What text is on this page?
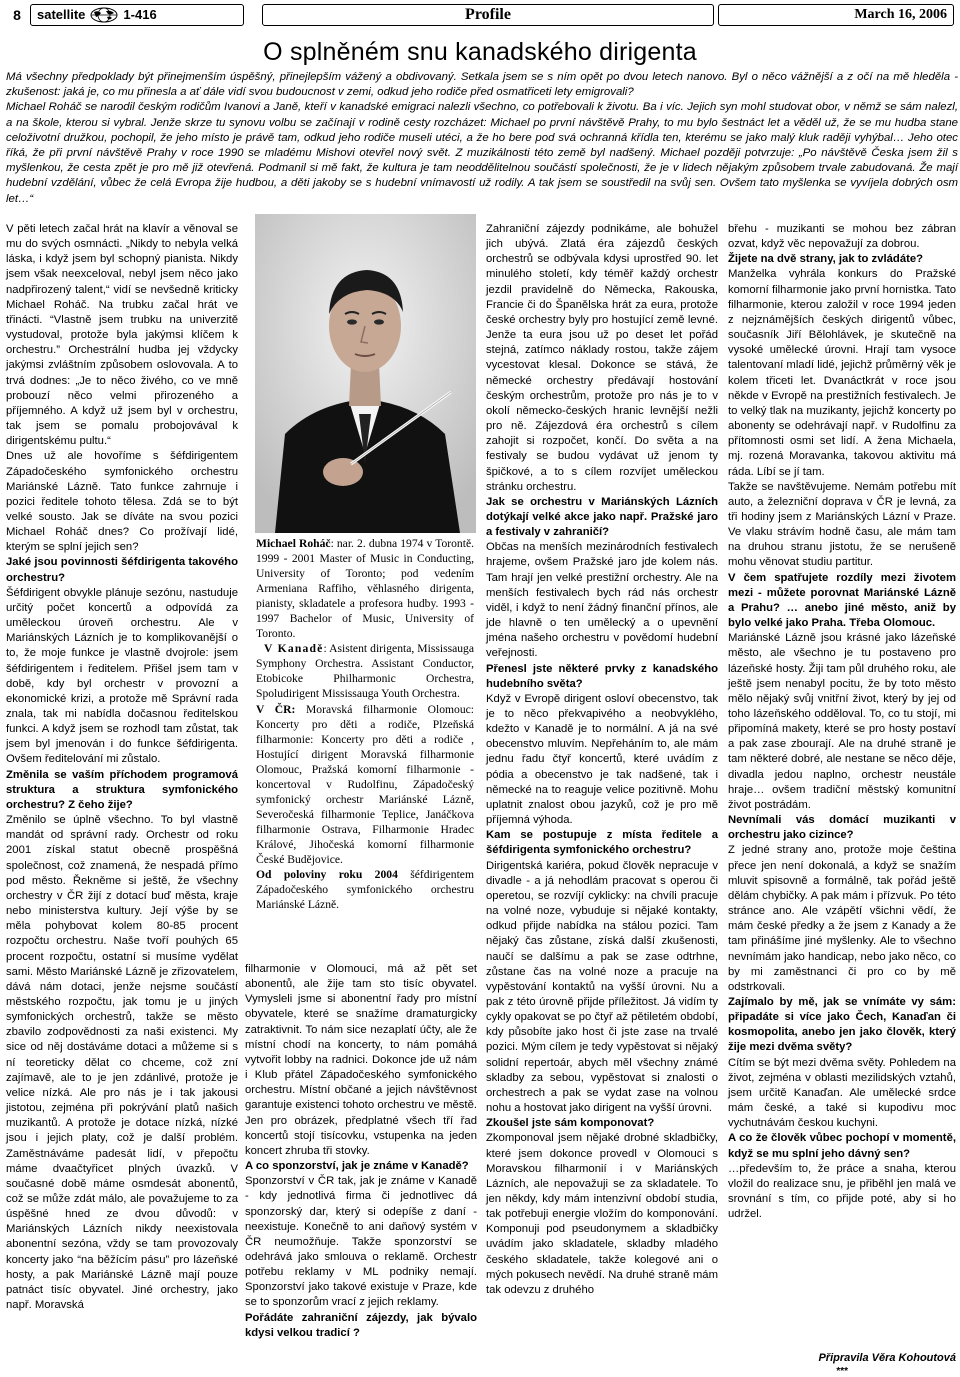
8	satellite	1-416	Profile	March 16, 2006
O splněném snu kanadského dirigenta

Má všechny předpoklady být přinejmenším úspěšný, přinejlepším vážený a obdivovaný. Setkala jsem se s ním opět po dvou letech nanovo. Byl o něco vážnější a z očí na mě hleděla - zkušenost: jaká je, co mu přinesla a ať dále vidí svou budoucnost v zemi, odkud jeho rodiče před osmatřiceti lety emigrovali?

Michael Roháč se narodil českým rodičům Ivanovi a Janě, kteří v kanadské emigraci nalezli všechno, co potřebovali k životu. Ba i víc. Jejich syn mohl studovat obor, v němž se sám nalezl, a na škole, kterou si vybral. Jenže skrze tu synovu volbu se začínají v rodině cesty rozcházet: Michael po první návštěvě Prahy, to mu bylo šestnáct let a věděl už, že se mu hudba stane celoživotní družkou, pochopil, že jeho místo je právě tam, odkud jeho rodiče museli utéci, a že ho bere pod svá ochranná křídla ten, kterému se jako malý kluk raději vyhýbal… Jeho otec říká, že při první návštěvě Prahy v roce 1990 se mladému Mishovi otevřel nový svět. Z muzikálnosti této země byl nadšený. Michael později potvrzuje: „Po návštěvě Česka jsem žil s myšlenkou, že cesta zpět je pro mě již otevřená. Podmanil si mě fakt, že kultura je tam neoddělitelnou součástí společnosti, že je v lidech nějakým způsobem trvale zabudovaná. Že mají hudební vzdělání, vůbec že celá Evropa žije hudbou, a děti jakoby se s hudební vnímavostí už rodily. A tak jsem se soustředil na svůj sen. Ovšem tato myšlenka se vyvíjela dobrých osm let…“

V pěti letech začal hrát na klavír a věnoval se mu do svých osmnácti. „Nikdy to nebyla velká láska, i když jsem byl schopný pianista. Nikdy jsem však neexceloval, nebyl jsem něco jako nadpřirozený talent,“ vidí se nevšedně kriticky Michael Roháč. Na trubku začal hrát ve třinácti. “Vlastně jsem trubku na univerzitě vystudoval, protože byla jakýmsi klíčem k orchestru.” Orchestrální hudba jej vždycky jakýmsi zvláštním způsobem oslovovala. A to trvá dodnes: „Je to něco živého, co ve mně probouzí něco velmi přirozeného a příjemného. A když už jsem byl v orchestru, tak jsem se pomalu probojovával k dirigentskému pultu.“

Dnes už ale hovoříme s šéfdirigentem Západočeského symfonického orchestru Mariánské Lázně. Tato funkce zahrnuje i pozici ředitele tohoto tělesa. Zdá se to být velké sousto. Jak se díváte na svou pozici Michael Roháč dnes? Co prožívají lidé, kterým se splní jejich sen?

Jaké jsou povinnosti šéfdirigenta takového orchestru?

Šéfdirigent obvykle plánuje sezónu, nastuduje určitý počet koncertů a odpovídá za uměleckou úroveň orchestru. Ale v Mariánských Lázních je to komplikovanější o to, že moje funkce je vlastně dvojrole: jsem šéfdirigentem i ředitelem. Přišel jsem tam v době, kdy byl orchestr v provozní a ekonomické krizi, a protože mě Správní rada znala, tak mi nabídla dočasnou ředitelskou funkci. A když jsem se rozhodl tam zůstat, tak jsem byl jmenován i do funkce šéfdirigenta. Ovšem ředitelování mi zůstalo.

Změnila se vaším příchodem programová struktura a struktura symfonického orchestru? Z čeho žije?

Změnilo se úplně všechno. To byl vlastně mandát od správní rady. Orchestr od roku 2001 získal statut obecně prospěšná společnost, což znamená, že nespadá přímo pod město. Řekněme si ještě, že všechny orchestry v ČR žijí z dotací buď města, kraje nebo ministerstva kultury. Její výše by se měla pohybovat kolem 80-85 procent rozpočtu orchestru. Naše tvoří pouhých 65 procent rozpočtu, ostatní si musíme vydělat sami. Město Mariánské Lázně je zřizovatelem, dává nám dotaci, jenže nejsme součástí městského rozpočtu, jak tomu je u jiných symfonických orchestrů, takže se město zbavilo zodpovědnosti za naši existenci. My sice od něj dostáváme dotaci a můžeme si s ní teoreticky dělat co chceme, což zní zajímavě, ale to je jen zdánlivé, protože je velice nízká. Ale pro nás je i tak jakousi jistotou, zejména při pokrývání platů našich muzikantů. A protože je dotace nízká, nízké jsou i jejich platy, což je další problém. Zaměstnáváme padesát lidí, v přepočtu máme dvaačtyřicet plných úvazků. V současné době máme osmdesát abonentů, což se může zdát málo, ale považujeme to za úspěšné hned ze dvou důvodů: v Mariánských Lázních nikdy neexistovala abonentní sezóna, vždy se tam provozovaly koncerty jako “na běžícím pásu” pro lázeňské hosty, a pak Mariánské Lázně mají pouze patnáct tisíc obyvatel. Jiné orchestry, jako např. Moravská

Michael Roháč: nar. 2. dubna 1974 v Torontě. 1999 - 2001 Master of Music in Conducting, University of Toronto; pod vedením Armeniana Raffiho, věhlasného dirigenta, pianisty, skladatele a profesora hudby. 1993 - 1997 Bachelor of Music, University of Toronto.

V Kanadě: Asistent dirigenta, Mississauga Symphony Orchestra. Assistant Conductor, Etobicoke Philharmonic Orchestra, Spoludirigent Mississauga Youth Orchestra.

V ČR: Moravská filharmonie Olomouc: Koncerty pro děti a rodiče, Plzeňská filharmonie: Koncerty pro děti a rodiče , Hostující dirigent Moravská filharmonie Olomouc, Pražská komorní filharmonie - koncertoval v Rudolfinu, Západočeský symfonický orchestr Mariánské Lázně, Severočeská filharmonie Teplice, Janáčkova filharmonie Ostrava, Filharmonie Hradec Králové, Jihočeská komorní filharmonie České Budějovice.

Od poloviny roku 2004 šéfdirigentem Západočeského symfonického orchestru Mariánské Lázně.

filharmonie v Olomouci, má až pět set abonentů, ale žije tam sto tisíc obyvatel. Vymysleli jsme si abonentní řady pro místní obyvatele, které se snažíme dramaturgicky zatraktivnit. To nám sice nezaplatí účty, ale že místní chodí na koncerty, to nám pomáhá vytvořit lobby na radnici. Dokonce jde už nám i Klub přátel Západočeského symfonického orchestru. Místní občané a jejich návštěvnost garantuje existenci tohoto orchestru ve městě. Jen pro obrázek, předplatné všech tří řad koncertů stojí tisícovku, vstupenka na jeden koncert zhruba tři stovky.

A co sponzorství, jak je známe v Kanadě?

Sponzorství v ČR tak, jak je známe v Kanadě - kdy jednotlivá firma či jednotlivec dá sponzorský dar, který si odepíše z daní - neexistuje. Konečně to ani daňový systém v ČR neumožňuje. Takže sponzorství se odehrává jako smlouva o reklamě. Orchestr potřebu reklamy v ML podniky nemají. Sponzorství jako takové existuje v Praze, kde se to sponzorům vrací z jejich reklamy.

Pořádáte zahraniční zájezdy, jak bývalo kdysi velkou tradicí ?

Zahraniční zájezdy podnikáme, ale bohužel jich ubývá. Zlatá éra zájezdů českých orchestrů se odbývala kdysi uprostřed 90. let minulého století, kdy téměř každý orchestr jezdil pravidelně do Německa, Rakouska, Francie či do Španělska hrát za eura, protože české orchestry byly pro hostující země levné. Jenže ta eura jsou už po deset let pořád stejná, zatímco náklady rostou, takže zájem vycestovat klesal. Dokonce se stává, že německé orchestry předávají hostování českým orchestrům, protože pro nás je to v okolí německo-českých hranic levnější nežli pro ně. Zájezdová éra orchestrů s cílem zahojit si rozpočet, končí. Do světa a na festivaly se budou vydávat už jenom ty špičkové, a to s cílem rozvíjet uměleckou stránku orchestru.

Jak se orchestru v Mariánských Lázních dotýkají velké akce jako např. Pražské jaro a festivaly v zahraničí?

Občas na menších mezinárodních festivalech hrajeme, ovšem Pražské jaro jde kolem nás. Tam hrají jen velké prestižní orchestry. Ale na menších festivalech bych rád nás orchestr viděl, i když to není žádný finanční přínos, ale jde hlavně o ten umělecký a o upevnění jména našeho orchestru v povědomí hudební veřejnosti.

Přenesl jste některé prvky z kanadského hudebního světa?

Když v Evropě dirigent osloví obecenstvo, tak je to něco překvapivého a neobvyklého, kdežto v Kanadě je to normální. A já na své obecenstvo mluvím. Nepřeháním to, ale mám jednu řadu čtyř koncertů, které uvádím z pódia a obecenstvo je tak nadšené, tak i německé na to reaguje velice pozitivně. Mohu uplatnit znalost obou jazyků, což je pro mě příjemná výhoda.

Kam se postupuje z místa ředitele a šéfdirigenta symfonického orchestru?

Dirigentská kariéra, pokud člověk nepracuje v divadle - a já nehodlám pracovat s operou či operetou, se rozvíjí cyklicky: na chvíli pracuje na volné noze, vybuduje si nějaké kontakty, odkud přijde nabídka na stálou pozici. Tam nějaký čas zůstane, získá další zkušenosti, naučí se dalšímu a pak se zase odtrhne, zůstane čas na volné noze a pracuje na vypěstování kontaktů na vyšší úrovni. Nu a pak z této úrovně přijde příležitost. Já vidím ty cykly opakovat se po čtyř až pětiletém období, kdy působíte jako host či jste zase na trvalé pozici. Mým cílem je tedy vypěstovat si nějaký solidní repertoár, abych měl všechny známé skladby za sebou, vypěstovat si znalosti o orchestrech a pak se vydat zase na volnou nohu a hostovat jako dirigent na vyšší úrovni.

Zkoušel jste sám komponovat?

Zkomponoval jsem nějaké drobné skladbičky, které jsem dokonce provedl v Olomouci s Moravskou filharmonií i v Mariánských Lázních, ale nepovažuji se za skladatele. To jen někdy, kdy mám intenzivní období studia, tak potřebuji energie vložím do komponování. Komponuji pod pseudonymem a skladbičky uvádím jako skladatele, skladby mladého českého skladatele, takže kolegové ani o mých pokusech nevědí. Na druhé straně mám tak odevzu z druhého

břehu - muzikanti se mohou bez zábran ozvat, když věc nepovažují za dobrou.

Žijete na dvě strany, jak to zvládáte?

Manželka vyhrála konkurs do Pražské komorní filharmonie jako první hornistka. Tato filharmonie, kterou založil v roce 1994 jeden z nejznámějších českých dirigentů vůbec, současník Jiří Bělohlávek, je skutečně na vysoké umělecké úrovni. Hrají tam vysoce talentovaní mladí lidé, jejichž průměrný věk je kolem třiceti let. Dvanáctkrát v roce jsou někde v Evropě na prestižních festivalech. Je to velký tlak na muzikanty, jejichž koncerty po abonenty se odehrávají např. v Rudolfinu za přítomnosti osmi set lidí. A žena Michaela, mj. rozená Moravanka, takovou aktivitu má ráda. Líbí se jí tam.

Takže se navštěvujeme. Nemám potřebu mít auto, a železniční doprava v ČR je levná, za tři hodiny jsem z Mariánských Lázní v Praze. Ve vlaku strávím hodně času, ale mám tam na druhou stranu jistotu, že se nerušeně mohu věnovat studiu partitur.

V čem spatřujete rozdíly mezi životem mezi - můžete porovnat Mariánské Lázně a Prahu? … anebo jiné město, aniž by bylo velké jako Praha. Třeba Olomouc.

Mariánské Lázně jsou krásné jako lázeňské město, ale všechno je tu postaveno pro lázeňské hosty. Žiji tam půl druhého roku, ale ještě jsem nenabyl pocitu, že by toto město mělo nějaký svůj vnitřní život, který by jej od toho lázeňského odděloval. To, co tu stojí, mi připomíná makety, které se pro hosty postaví a pak zase zbourají. Ale na druhé straně je tam některé dobré, ale nestane se něco děje, divadla jedou naplno, orchestr neustále hraje… ovšem tradiční městský komunitní život postrádám.

Nevnímali vás domácí muzikanti v orchestru jako cizince?

Z jedné strany ano, protože moje čeština přece jen není dokonalá, a když se snažím mluvit spisovně a formálně, tak pořád ještě dělám chybičky. A pak mám i přízvuk. Po této stránce ano. Ale vzápětí všichni vědí, že mám české předky a že jsem z Kanady a že tam přinášíme jiné myšlenky. Ale to všechno nevnímám jako handicap, nebo jako něco, co by mi zaměstnanci či pro co by mě odstrkovali.

Zajímalo by mě, jak se vnímáte vy sám: připadáte si více jako Čech, Kanaďan či kosmopolita, anebo jen jako člověk, který žije mezi dvěma světy?

Cítím se být mezi dvěma světy. Pohledem na život, zejména v oblasti mezilidských vztahů, jsem určitě Kanaďan. Ale umělecké srdce mám české, a také si kupodivu moc vychutnávám českou kuchyni.

A co že člověk vůbec pochopí v momentě, když se mu splní jeho dávný sen?

…především to, že práce a snaha, kterou vložil do realizace snu, je přiběhl jen malá ve srovnání s tím, co přijde poté, aby si ho udržel.

Připravila Věra Kohoutová
***
